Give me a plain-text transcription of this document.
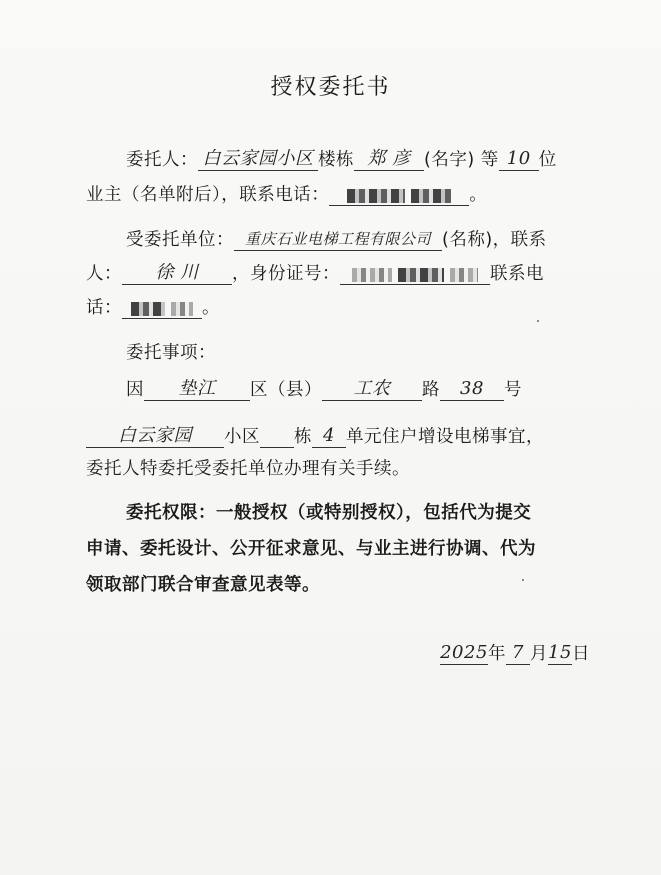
授权委托书
委托人： 白云家园小区 楼栋 郑 彦 (名字) 等 10 位
业主（名单附后），联系电话：	。
受委托单位： 重庆石业电梯工程有限公司 (名称)，联系
人： 徐 川 ，身份证号：	联系电
话：	。
委托事项：
因 垫江 区（县） 工农 路 38 号
白云家园 小区 栋 4 单元住户增设电梯事宜，
委托人特委托受委托单位办理有关手续。
委托权限：一般授权（或特别授权），包括代为提交
申请、委托设计、公开征求意见、与业主进行协调、代为
领取部门联合审查意见表等。
2025年 7 月15日
